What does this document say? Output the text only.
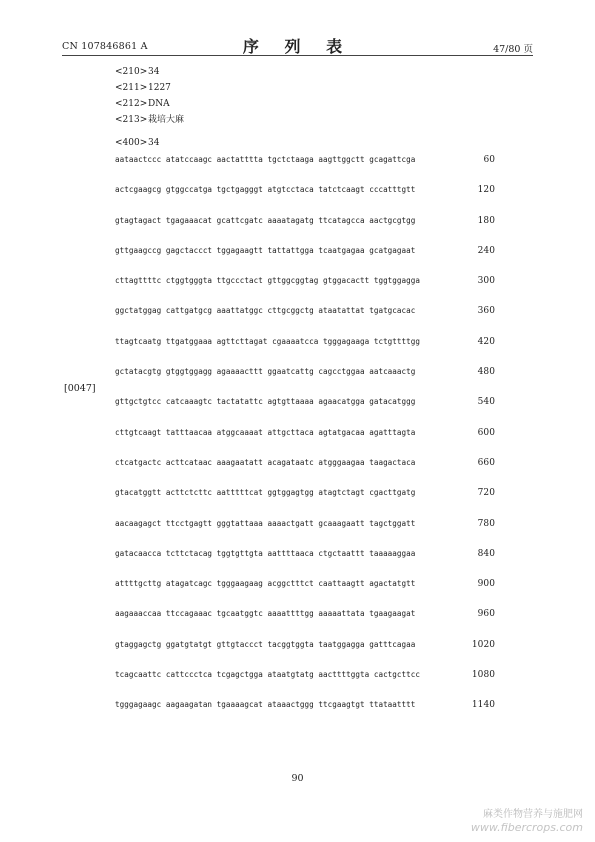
CN 107846861 A	序 列 表	47/80 页
<210> 34
<211> 1227
<212> DNA
<213> 栽培大麻
<400> 34
[0047]
aataactccc atatccaagc aactatttta tgctctaaga aagttggctt gcagattcga	60
actcgaagcg gtggccatga tgctgagggt atgtcctaca tatctcaagt cccatttgtt	120
gtagtagact tgagaaacat gcattcgatc aaaatagatg ttcatagcca aactgcgtgg	180
gttgaagccg gagctaccct tggagaagtt tattattgga tcaatgagaa gcatgagaat	240
cttagttttc ctggtgggta ttgccctact gttggcggtag gtggacactt tggtggagga	300
ggctatggag cattgatgcg aaattatggc cttgcggctg ataatattat tgatgcacac	360
ttagtcaatg ttgatggaaa agttcttagat cgaaaatcca tgggagaaga tctgttttgg	420
gctatacgtg gtggtggagg agaaaacttt ggaatcattg cagcctggaa aatcaaactg	480
gttgctgtcc catcaaagtc tactatattc agtgttaaaa agaacatgga gatacatggg	540
cttgtcaagt tatttaacaa atggcaaaat attgcttaca agtatgacaa agatttagta	600
ctcatgactc acttcataac aaagaatatt acagataatc atgggaagaa taagactaca	660
gtacatggtt acttctcttc aatttttcat ggtggagtgg atagtctagt cgacttgatg	720
aacaagagct ttcctgagtt gggtattaaa aaaactgatt gcaaagaatt tagctggatt	780
gatacaacca tcttctacag tggtgttgta aattttaaca ctgctaattt taaaaaggaa	840
attttgcttg atagatcagc tgggaagaag acggctttct caattaagtt agactatgtt	900
aagaaaccaa ttccagaaac tgcaatggtc aaaattttgg aaaaattata tgaagaagat	960
gtaggagctg ggatgtatgt gttgtaccct tacggtggta taatggagga gatttcagaa	1020
tcagcaattc cattccctca tcgagctgga ataatgtatg aacttttggta cactgcttcc	1080
tgggagaagc aagaagatan tgaaaagcat ataaactggg ttcgaagtgt ttataatttt	1140
90
麻类作物营养与施肥网
www.fibercrops.com
